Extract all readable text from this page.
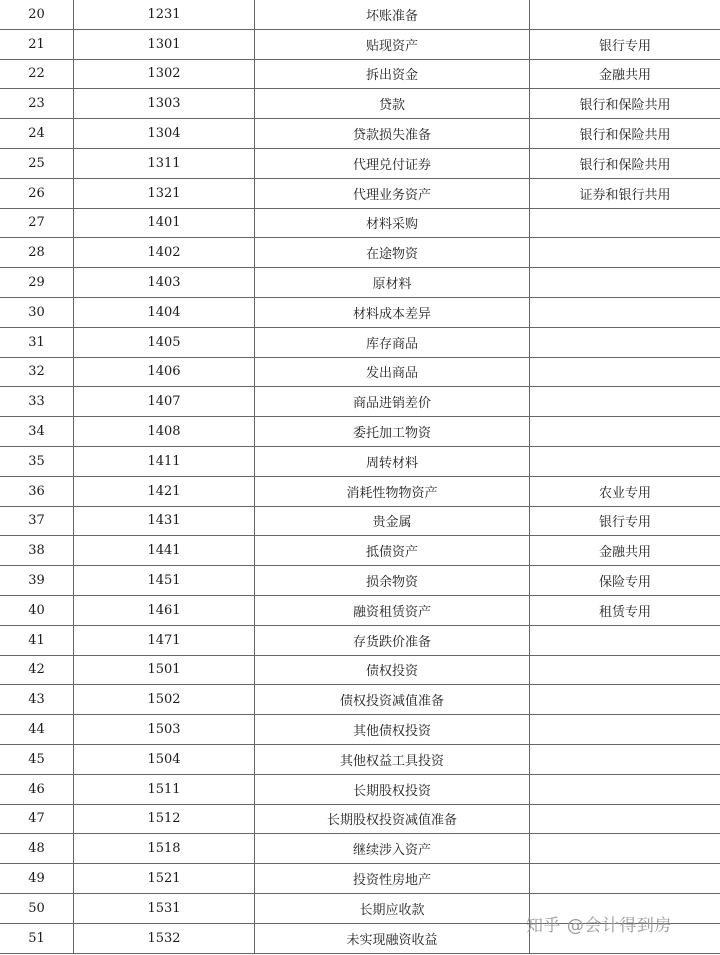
20	1231	坏账准备	
21	1301	贴现资产	银行专用
22	1302	拆出资金	金融共用
23	1303	贷款	银行和保险共用
24	1304	贷款损失准备	银行和保险共用
25	1311	代理兑付证券	银行和保险共用
26	1321	代理业务资产	证券和银行共用
27	1401	材料采购	
28	1402	在途物资	
29	1403	原材料	
30	1404	材料成本差异	
31	1405	库存商品	
32	1406	发出商品	
33	1407	商品进销差价	
34	1408	委托加工物资	
35	1411	周转材料	
36	1421	消耗性物物资产	农业专用
37	1431	贵金属	银行专用
38	1441	抵债资产	金融共用
39	1451	损余物资	保险专用
40	1461	融资租赁资产	租赁专用
41	1471	存货跌价准备	
42	1501	债权投资	
43	1502	债权投资减值准备	
44	1503	其他债权投资	
45	1504	其他权益工具投资	
46	1511	长期股权投资	
47	1512	长期股权投资减值准备	
48	1518	继续涉入资产	
49	1521	投资性房地产	
50	1531	长期应收款	
51	1532	未实现融资收益	
知乎 @会计得到房
